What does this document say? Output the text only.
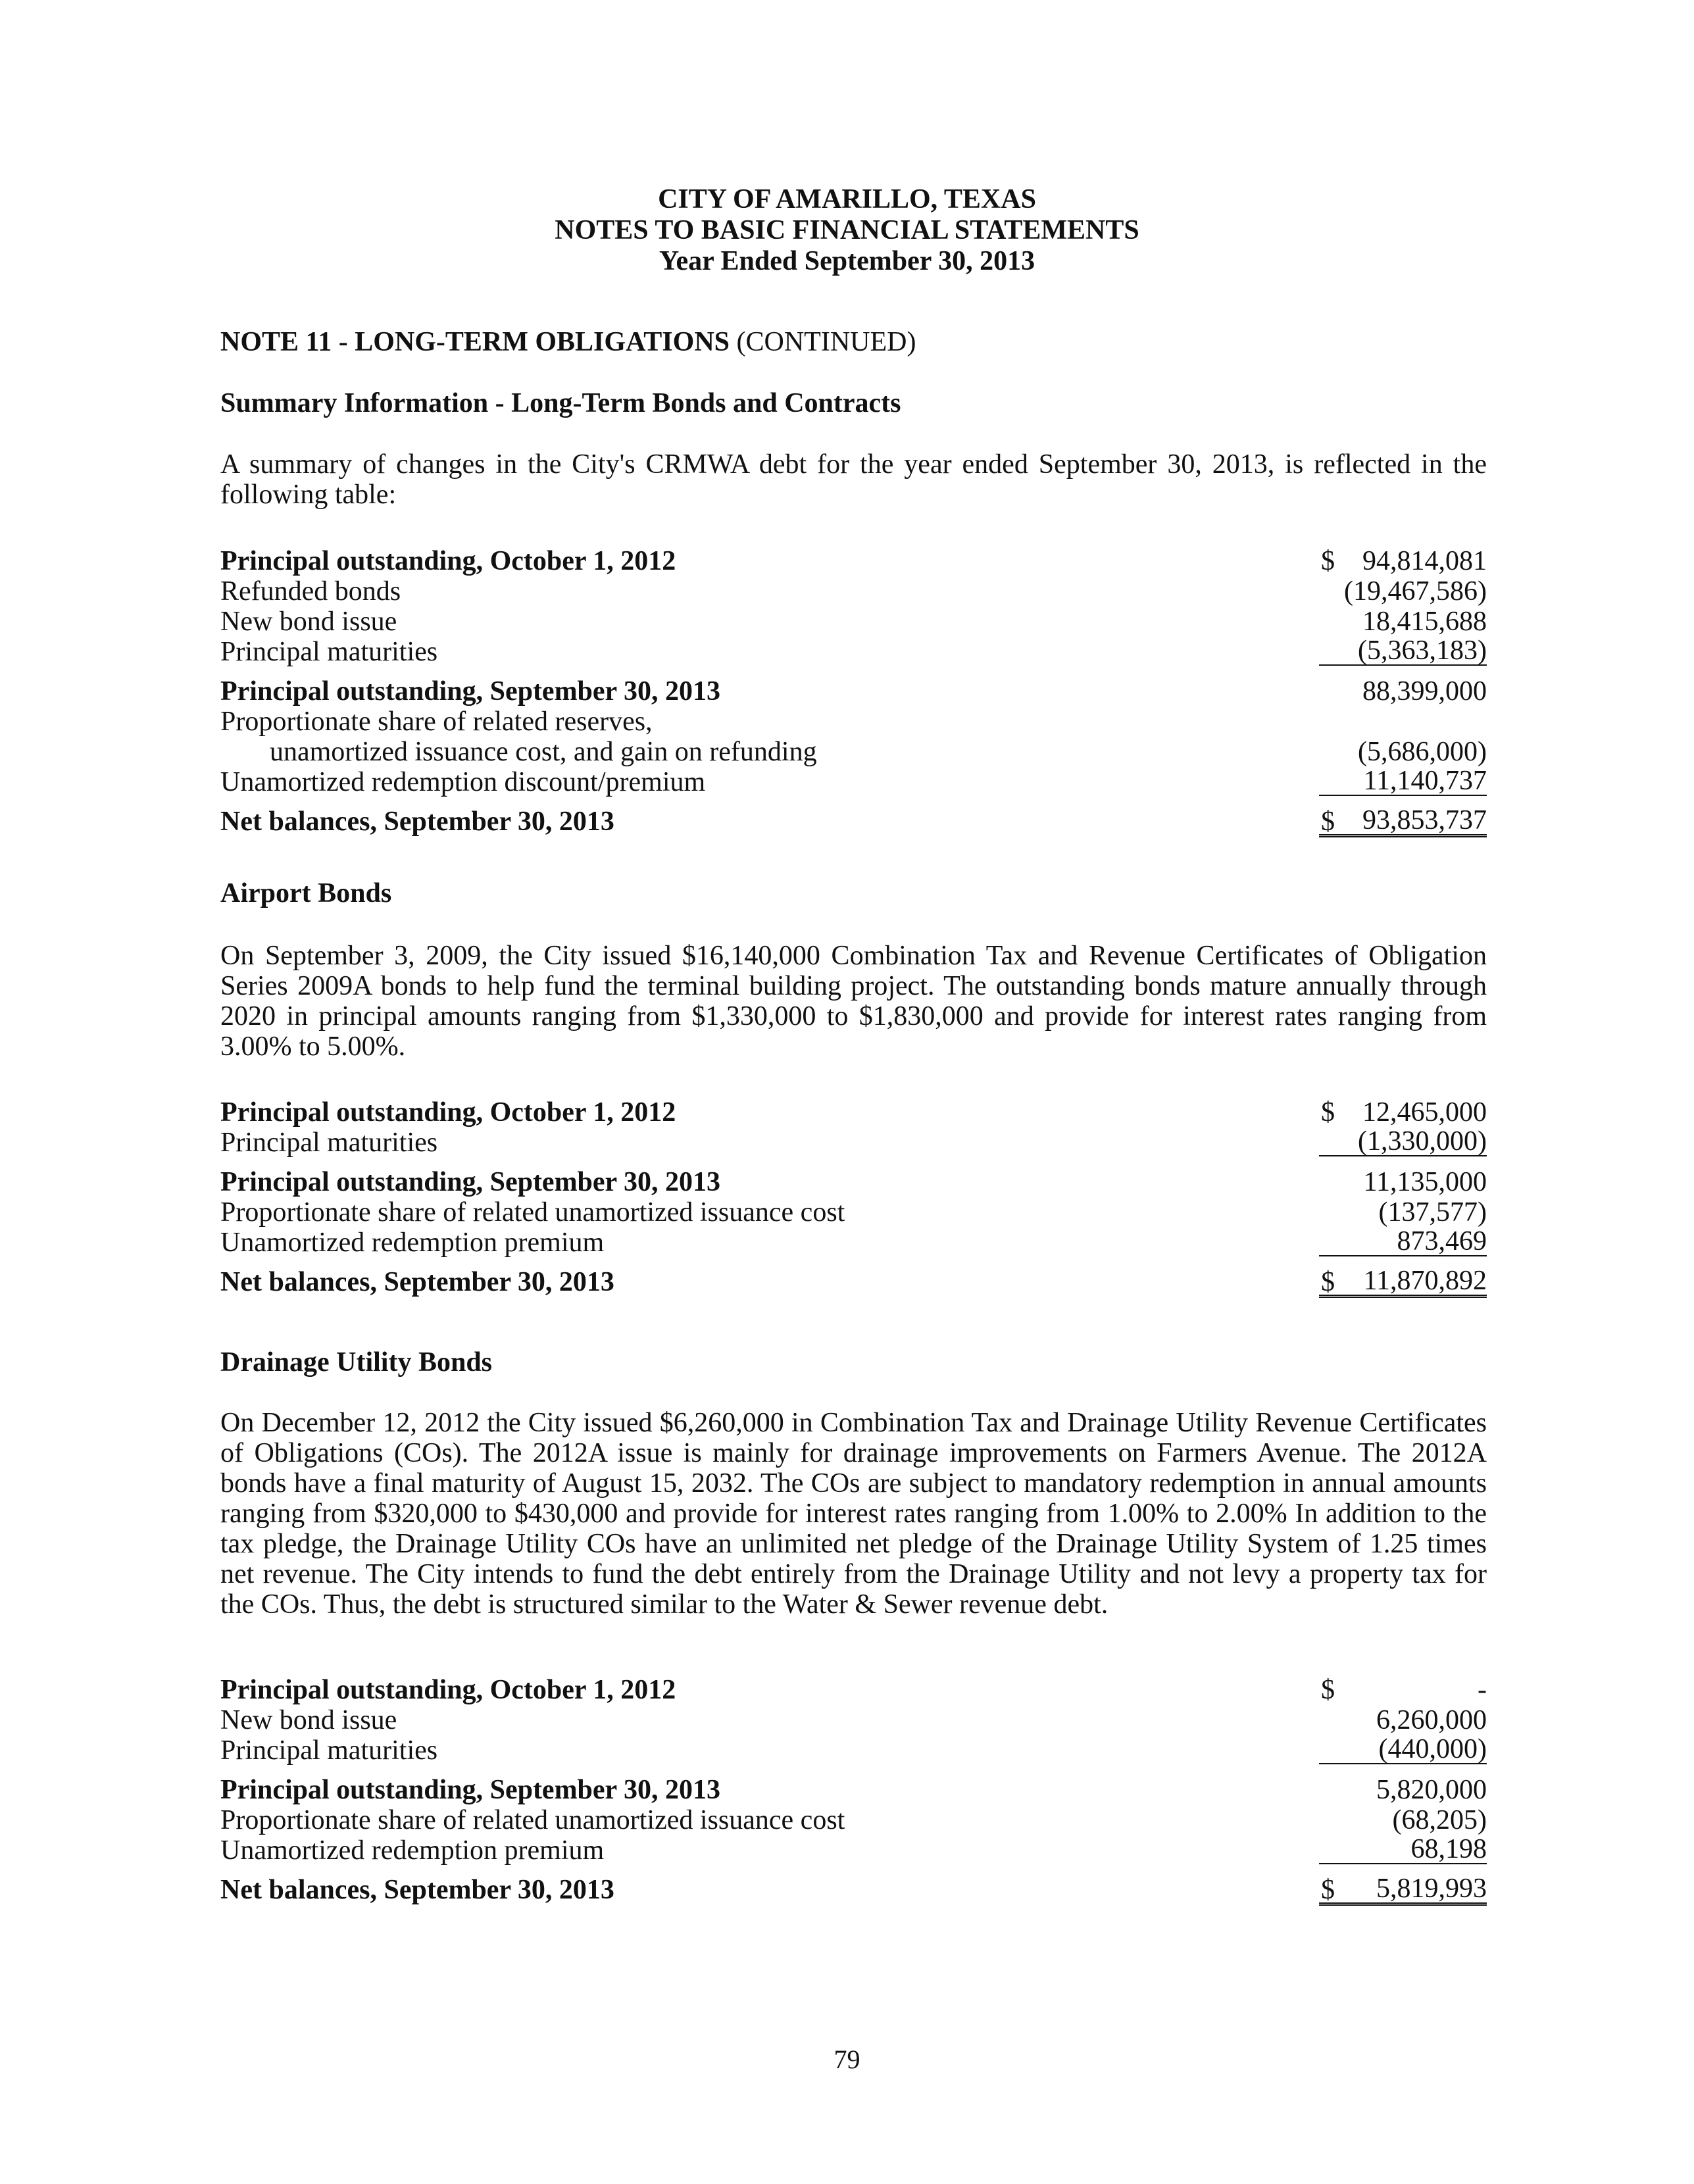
CITY OF AMARILLO, TEXAS
NOTES TO BASIC FINANCIAL STATEMENTS
Year Ended September 30, 2013
NOTE 11 - LONG-TERM OBLIGATIONS (CONTINUED)
Summary Information - Long-Term Bonds and Contracts
A summary of changes in the City's CRMWA debt for the year ended September 30, 2013, is reflected in the following table:
Principal outstanding, October 1, 2012	$ 94,814,081
Refunded bonds	(19,467,586)
New bond issue	18,415,688
Principal maturities	(5,363,183)
Principal outstanding, September 30, 2013	88,399,000
Proportionate share of related reserves,
unamortized issuance cost, and gain on refunding	(5,686,000)
Unamortized redemption discount/premium	11,140,737
Net balances, September 30, 2013	$	93,853,737
Airport Bonds
On September 3, 2009, the City issued $16,140,000 Combination Tax and Revenue Certificates of Obligation Series 2009A bonds to help fund the terminal building project. The outstanding bonds mature annually through 2020 in principal amounts ranging from $1,330,000 to $1,830,000 and provide for interest rates ranging from 3.00% to 5.00%.
Principal outstanding, October 1, 2012	$ 12,465,000
Principal maturities	(1,330,000)
Principal outstanding, September 30, 2013	11,135,000
Proportionate share of related unamortized issuance cost	(137,577)
Unamortized redemption premium	873,469
Net balances, September 30, 2013	$	11,870,892
Drainage Utility Bonds
On December 12, 2012 the City issued $6,260,000 in Combination Tax and Drainage Utility Revenue Certificates of Obligations (COs). The 2012A issue is mainly for drainage improvements on Farmers Avenue. The 2012A bonds have a final maturity of August 15, 2032. The COs are subject to mandatory redemption in annual amounts ranging from $320,000 to $430,000 and provide for interest rates ranging from 1.00% to 2.00% In addition to the tax pledge, the Drainage Utility COs have an unlimited net pledge of the Drainage Utility System of 1.25 times net revenue. The City intends to fund the debt entirely from the Drainage Utility and not levy a property tax for the COs. Thus, the debt is structured similar to the Water & Sewer revenue debt.
Principal outstanding, October 1, 2012	$	-
New bond issue	6,260,000
Principal maturities	(440,000)
Principal outstanding, September 30, 2013	5,820,000
Proportionate share of related unamortized issuance cost	(68,205)
Unamortized redemption premium	68,198
Net balances, September 30, 2013	$	5,819,993
79
